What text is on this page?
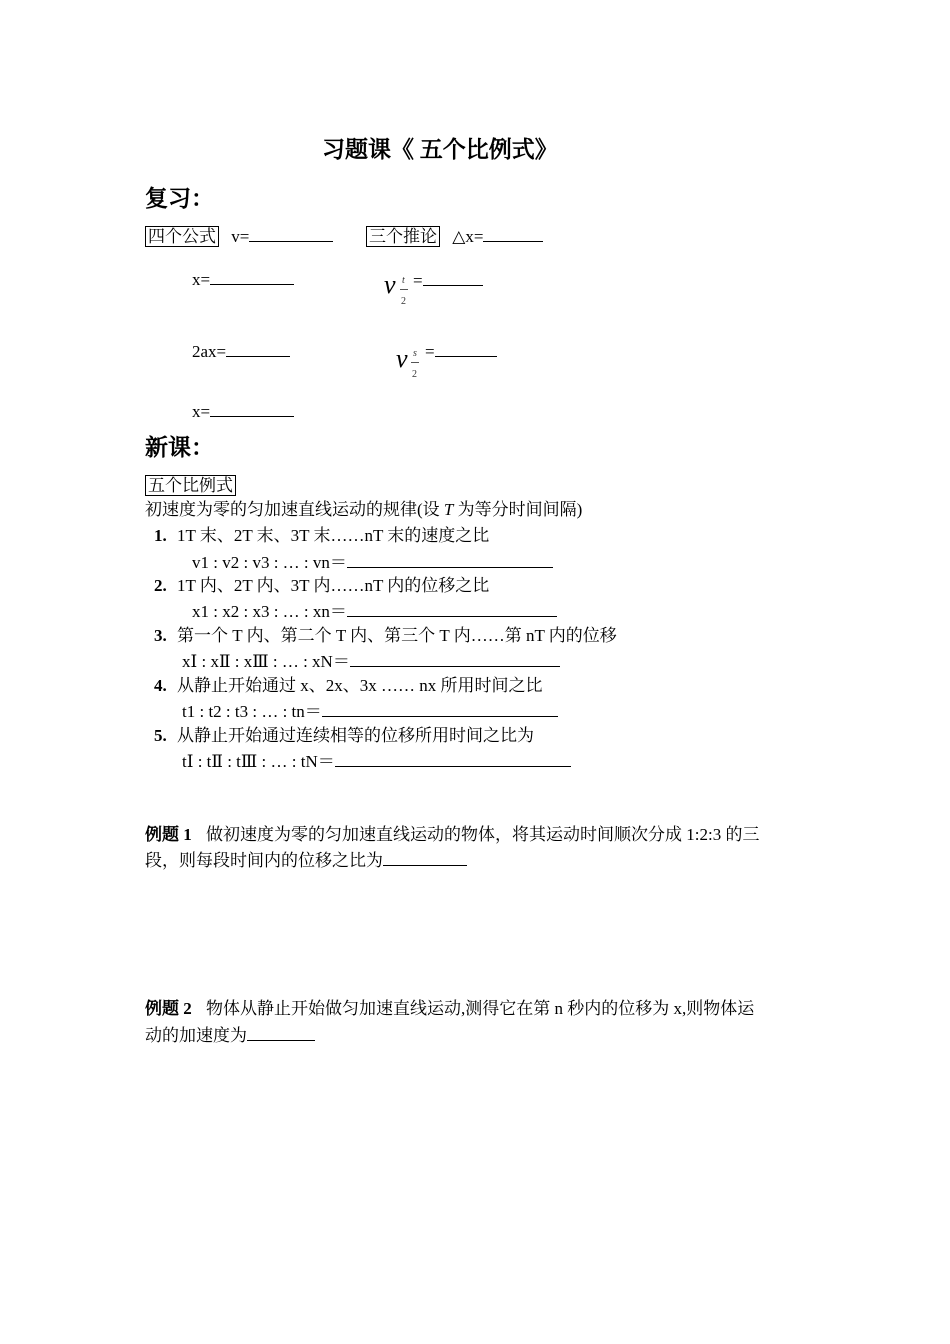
习题课《 五个比例式》
复习：
四个公式 v=	三个推论 △x=
x=	v t
2
=
2ax=	v s
2
=
x=
新课：
五个比例式
初速度为零的匀加速直线运动的规律(设 T 为等分时间间隔)
1. 1T 末、2T 末、3T 末……nT 末的速度之比
v1 : v2 : v3 : … : vn＝
2. 1T 内、2T 内、3T 内……nT 内的位移之比
x1 : x2 : x3 : … : xn＝
3. 第一个 T 内、第二个 T 内、第三个 T 内……第 nT 内的位移
xⅠ : xⅡ : xⅢ : … : xN＝
4. 从静止开始通过 x、2x、3x …… nx 所用时间之比
t1 : t2 : t3 : … : tn＝
5. 从静止开始通过连续相等的位移所用时间之比为
tⅠ : tⅡ : tⅢ : … : tN＝
例题 1 做初速度为零的匀加速直线运动的物体，将其运动时间顺次分成 1:2:3 的三
段，则每段时间内的位移之比为
例题 2 物体从静止开始做匀加速直线运动,测得它在第 n 秒内的位移为 x,则物体运
动的加速度为
